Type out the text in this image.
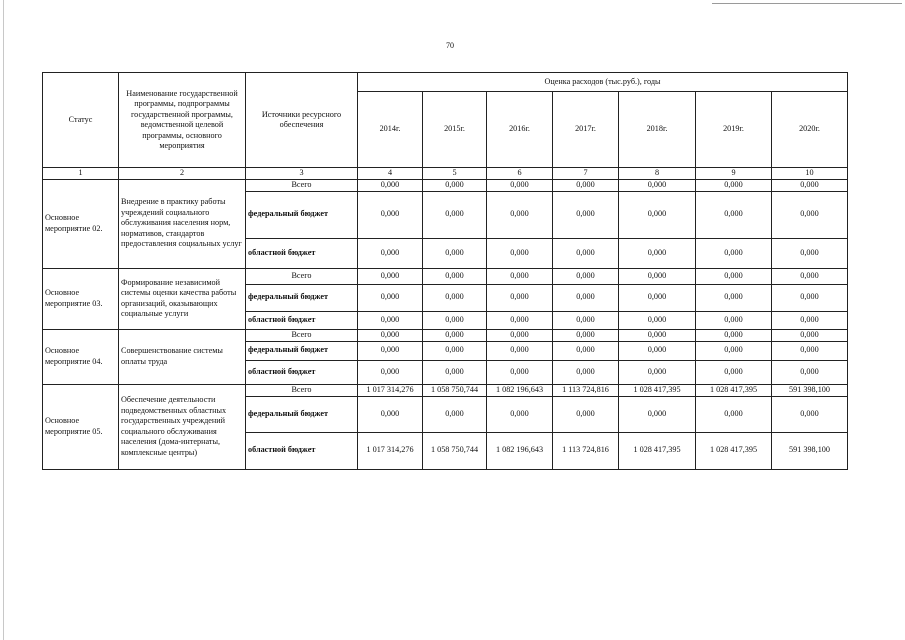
70
Статус	Наименование государственной программы, подпрограммы государственной программы, ведомственной целевой программы, основного мероприятия	Источники ресурсного обеспечения	Оценка расходов (тыс.руб.), годы						
			2014г.	2015г.	2016г.	2017г.	2018г.	2019г.	2020г.
1	2	3	4	5	6	7	8	9	10
Основное мероприятие 02.	Внедрение в практику работы учреждений социального обслуживания населения норм, нормативов, стандартов предоставления социальных услуг	Всего	0,000	0,000	0,000	0,000	0,000	0,000	0,000
		федеральный бюджет	0,000	0,000	0,000	0,000	0,000	0,000	0,000
		областной бюджет	0,000	0,000	0,000	0,000	0,000	0,000	0,000
Основное мероприятие 03.	Формирование независимой системы оценки качества работы организаций, оказывающих социальные услуги	Всего	0,000	0,000	0,000	0,000	0,000	0,000	0,000
		федеральный бюджет	0,000	0,000	0,000	0,000	0,000	0,000	0,000
		областной бюджет	0,000	0,000	0,000	0,000	0,000	0,000	0,000
Основное мероприятие 04.	Совершенствование системы оплаты труда	Всего	0,000	0,000	0,000	0,000	0,000	0,000	0,000
		федеральный бюджет	0,000	0,000	0,000	0,000	0,000	0,000	0,000
		областной бюджет	0,000	0,000	0,000	0,000	0,000	0,000	0,000
Основное мероприятие 05.	Обеспечение деятельности подведомственных областных государственных учреждений социального обслуживания населения (дома-интернаты, комплексные центры)	Всего	1 017 314,276	1 058 750,744	1 082 196,643	1 113 724,816	1 028 417,395	1 028 417,395	591 398,100
		федеральный бюджет	0,000	0,000	0,000	0,000	0,000	0,000	0,000
		областной бюджет	1 017 314,276	1 058 750,744	1 082 196,643	1 113 724,816	1 028 417,395	1 028 417,395	591 398,100
